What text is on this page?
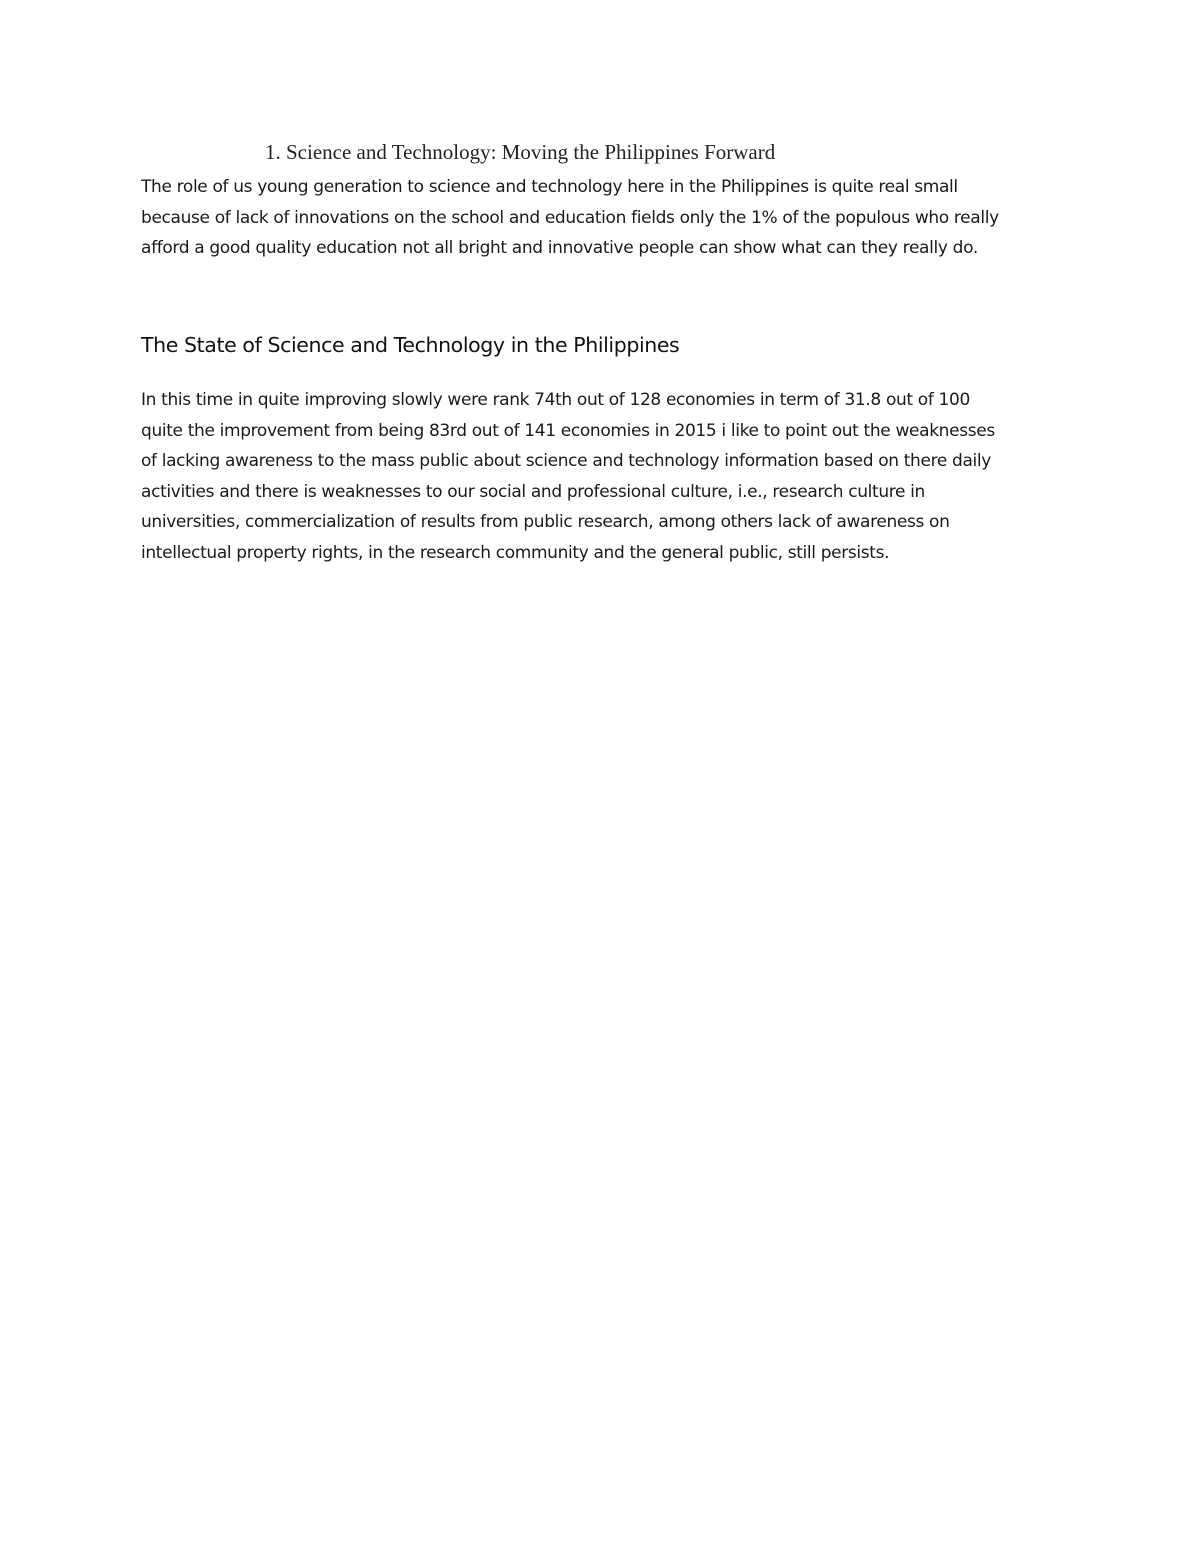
1. Science and Technology: Moving the Philippines Forward

The role of us young generation to science and technology here in the Philippines is quite real small
because of lack of innovations on the school and education fields only the 1% of the populous who really
afford a good quality education not all bright and innovative people can show what can they really do.

The State of Science and Technology in the Philippines

In this time in quite improving slowly were rank 74th out of 128 economies in term of 31.8 out of 100
quite the improvement from being 83rd out of 141 economies in 2015 i like to point out the weaknesses
of lacking awareness to the mass public about science and technology information based on there daily
activities and there is weaknesses to our social and professional culture, i.e., research culture in
universities, commercialization of results from public research, among others lack of awareness on
intellectual property rights, in the research community and the general public, still persists.
